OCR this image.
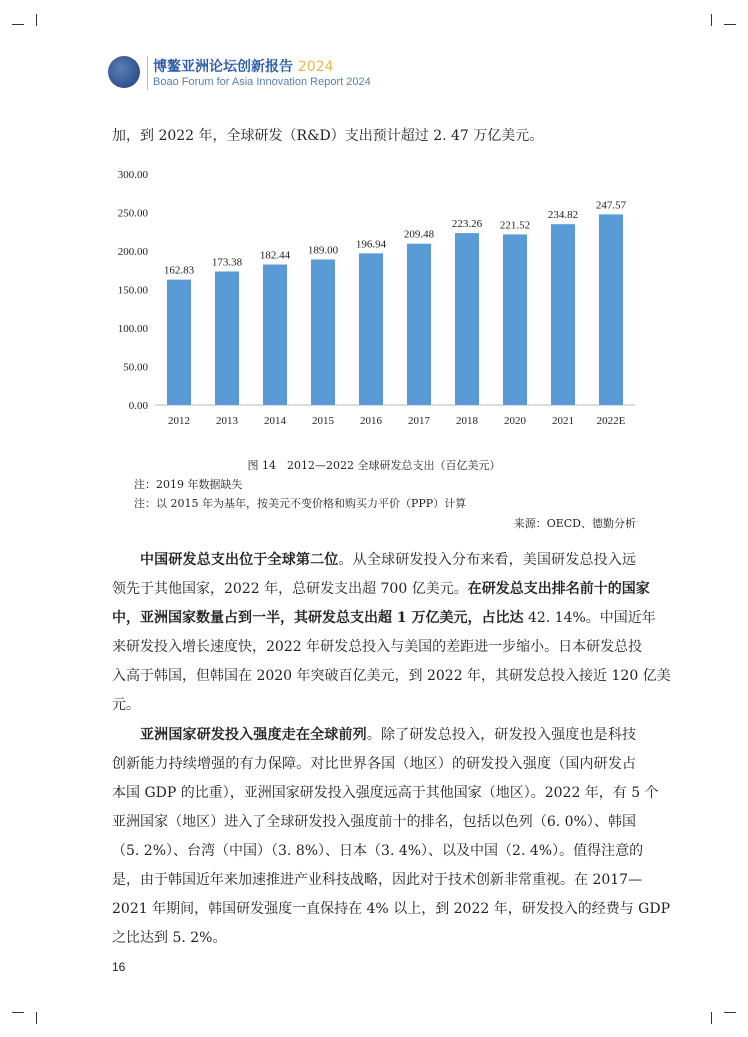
博鳌亚洲论坛创新报告 2024
Boao Forum for Asia Innovation Report 2024
加，到 2022 年，全球研发（R&D）支出预计超过 2. 47 万亿美元。
0.00
50.00
100.00
150.00
200.00
250.00
300.00
162.83
2012
173.38
2013
182.44
2014
189.00
2015
196.94
2016
209.48
2017
223.26
2018
221.52
2020
234.82
2021
247.57
2022E
图 14　2012—2022 全球研发总支出（百亿美元）
注：2019 年数据缺失
注：以 2015 年为基年，按美元不变价格和购买力平价（PPP）计算
来源：OECD、德勤分析
中国研发总支出位于全球第二位。从全球研发投入分布来看，美国研发总投入远
领先于其他国家，2022 年，总研发支出超 700 亿美元。在研发总支出排名前十的国家
中，亚洲国家数量占到一半，其研发总支出超 1 万亿美元，占比达 42. 14%。中国近年
来研发投入增长速度快，2022 年研发总投入与美国的差距进一步缩小。日本研发总投
入高于韩国，但韩国在 2020 年突破百亿美元，到 2022 年，其研发总投入接近 120 亿美
元。
亚洲国家研发投入强度走在全球前列。除了研发总投入，研发投入强度也是科技
创新能力持续增强的有力保障。对比世界各国（地区）的研发投入强度（国内研发占
本国 GDP 的比重），亚洲国家研发投入强度远高于其他国家（地区）。2022 年，有 5 个
亚洲国家（地区）进入了全球研发投入强度前十的排名，包括以色列（6. 0%）、韩国
（5. 2%）、台湾（中国）（3. 8%）、日本（3. 4%）、以及中国（2. 4%）。值得注意的
是，由于韩国近年来加速推进产业科技战略，因此对于技术创新非常重视。在 2017—
2021 年期间，韩国研发强度一直保持在 4% 以上，到 2022 年，研发投入的经费与 GDP
之比达到 5. 2%。
16
